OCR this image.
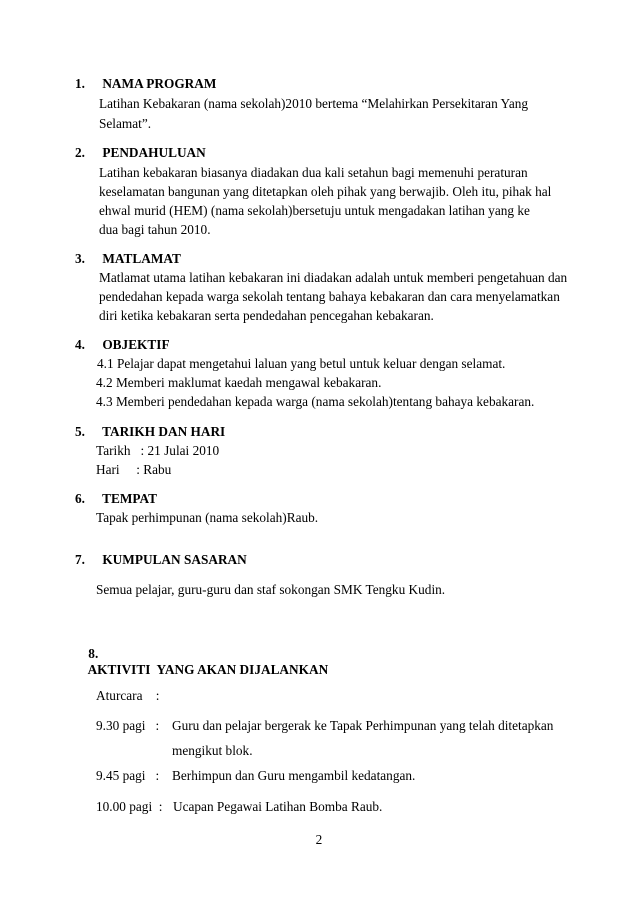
1. NAMA PROGRAM
Latihan Kebakaran (nama sekolah)2010 bertema “Melahirkan Persekitaran Yang
Selamat”.
2. PENDAHULUAN
Latihan kebakaran biasanya diadakan dua kali setahun bagi memenuhi peraturan
keselamatan bangunan yang ditetapkan oleh pihak yang berwajib. Oleh itu, pihak hal
ehwal murid (HEM) (nama sekolah)bersetuju untuk mengadakan latihan yang ke
dua bagi tahun 2010.
3. MATLAMAT
Matlamat utama latihan kebakaran ini diadakan adalah untuk memberi pengetahuan dan
pendedahan kepada warga sekolah tentang bahaya kebakaran dan cara menyelamatkan
diri ketika kebakaran serta pendedahan pencegahan kebakaran.
4. OBJEKTIF
4.1 Pelajar dapat mengetahui laluan yang betul untuk keluar dengan selamat.
4.2 Memberi maklumat kaedah mengawal kebakaran.
4.3 Memberi pendedahan kepada warga (nama sekolah)tentang bahaya kebakaran.
5. TARIKH DAN HARI
Tarikh   : 21 Julai 2010
Hari     : Rabu
6. TEMPAT
Tapak perhimpunan (nama sekolah)Raub.
7. KUMPULAN SASARAN
Semua pelajar, guru-guru dan staf sokongan SMK Tengku Kudin.

8.
AKTIVITI  YANG AKAN DIJALANKAN

Aturcara    :
9.30 pagi   : Guru dan pelajar bergerak ke Tapak Perhimpunan yang telah ditetapkan
mengikut blok.
9.45 pagi   : Berhimpun dan Guru mengambil kedatangan.
10.00 pagi  : Ucapan Pegawai Latihan Bomba Raub.
2
